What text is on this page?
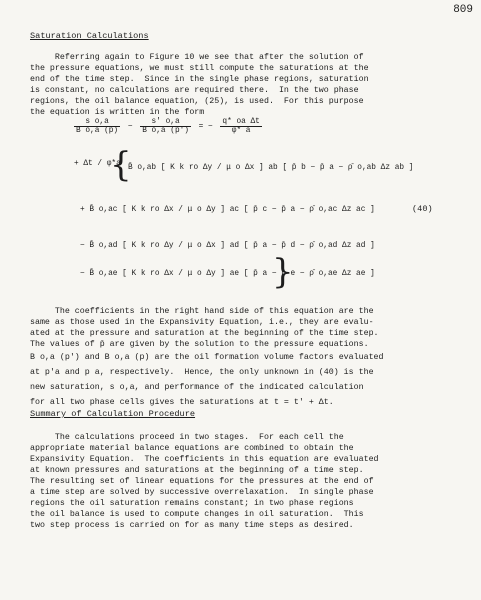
809
Saturation Calculations

Referring again to Figure 10 we see that after the solution of

the pressure equations, we must still compute the saturations at the

end of the time step.  Since in the single phase regions, saturation

is constant, no calculations are required there.  In the two phase

regions, the oil balance equation, (25), is used.  For this purpose

the equation is written in the form

$\frac{\text{s o,a}}{\text{B o,a (p)}} - \frac{s' o,a}{\text{B o,a (p')}}$ = − $\frac{\text{q* oa Δt}}{\varphi* a}$
+ Δt / φ*a
{
B̄ o,ab [ K k ro Δy / μ o Δx ] ab [ p̄ b − p̄ a − ρ̄ o,ab Δz ab ]
+ B̄ o,ac [ K k ro Δx / μ o Δy ] ac [ p̄ c − p̄ a − ρ̄ o,ac Δz ac ]	(40)
− B̄ o,ad [ K k ro Δy / μ o Δx ] ad [ p̄ a − p̄ d − ρ̄ o,ad Δz ad ]
− B̄ o,ae [ K k ro Δx / μ o Δy ] ae [ p̄ a − p̄ e − ρ̄ o,ae Δz ae ]
}

The coefficients in the right hand side of this equation are the

same as those used in the Expansivity Equation, i.e., they are evalu-

ated at the pressure and saturation at the beginning of the time step.

The values of p̄ are given by the solution to the pressure equations.

B o,a (p') and B o,a (p) are the oil formation volume factors evaluated

at p'a and p a, respectively.  Hence, the only unknown in (40) is the

new saturation, s o,a, and performance of the indicated calculation

for all two phase cells gives the saturations at t = t' + Δt.

Summary of Calculation Procedure

The calculations proceed in two stages.  For each cell the

appropriate material balance equations are combined to obtain the

Expansivity Equation.  The coefficients in this equation are evaluated

at known pressures and saturations at the beginning of a time step.

The resulting set of linear equations for the pressures at the end of

a time step are solved by successive overrelaxation.  In single phase

regions the oil saturation remains constant; in two phase regions

the oil balance is used to compute changes in oil saturation.  This

two step process is carried on for as many time steps as desired.
